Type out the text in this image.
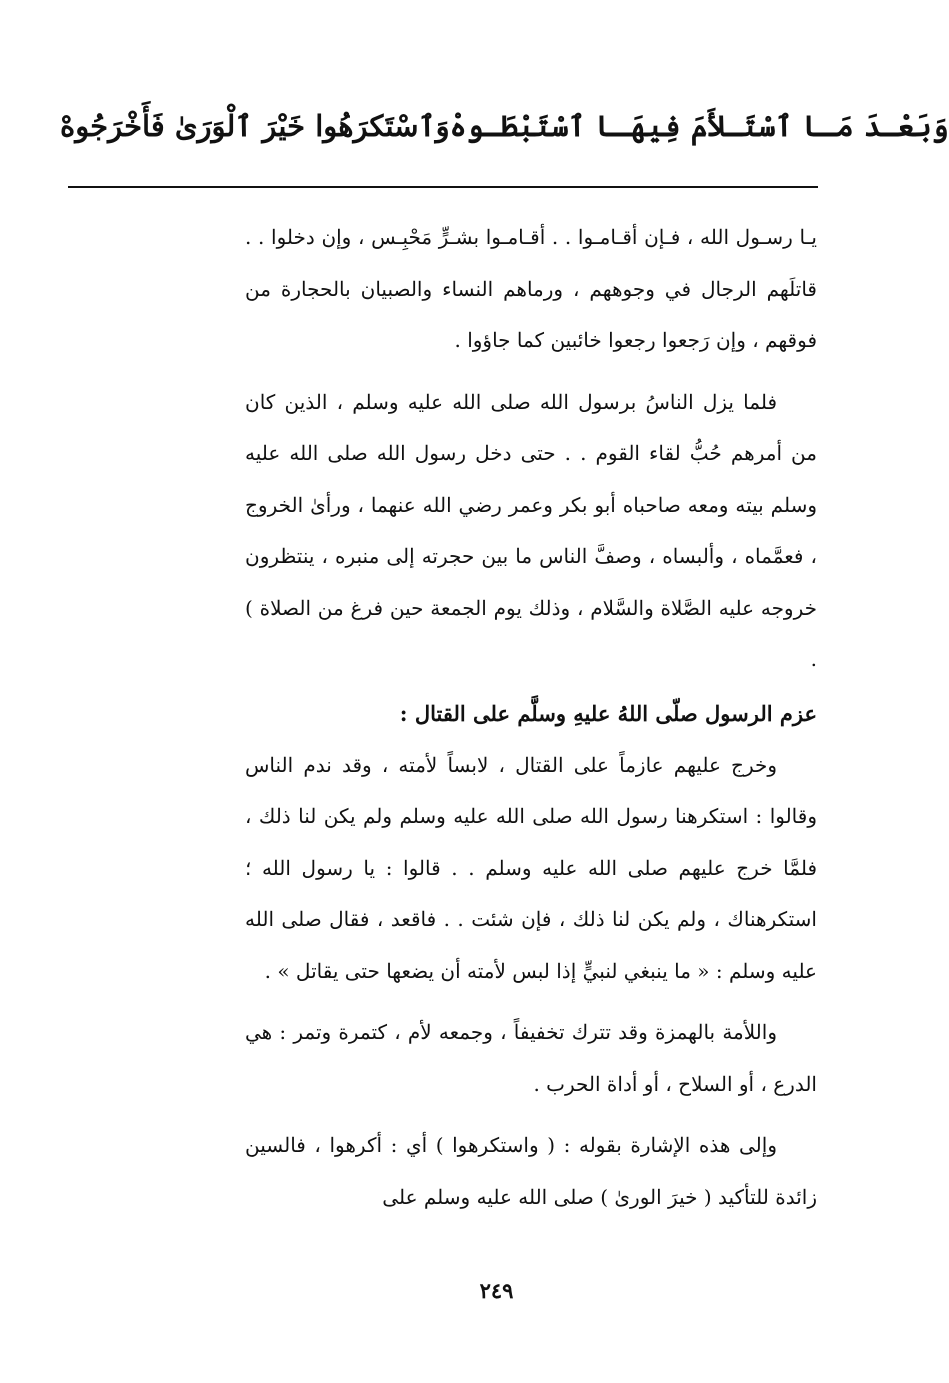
وَٱسْتَكرَهُوا خَيْرَ ٱلْوَرَىٰ فَأَخْرَجُوهْ وَبَعْـدَ مَـا ٱسْتَـلأَمَ فِيهَـا ٱسْتَبْطَـوهْ

يـا رسـول الله ، فـإن أقـامـوا . . أقـامـوا بشـرٍّ مَحْبِـس ، وإن دخلوا . . قاتلَهم الرجال في وجوههم ، ورماهم النساء والصبيان بالحجارة من فوقهم ، وإن رَجعوا رجعوا خائبين كما جاؤوا .

فلما يزل الناسُ برسول الله صلى الله عليه وسلم ، الذين كان من أمرهم حُبُّ لقاء القوم . . حتى دخل رسول الله صلى الله عليه وسلم بيته ومعه صاحباه أبو بكر وعمر رضي الله عنهما ، ورأىٰ الخروج ، فعمَّماه ، وألبساه ، وصفَّ الناس ما بين حجرته إلى منبره ، ينتظرون خروجه عليه الصَّلاة والسَّلام ، وذلك يوم الجمعة حين فرغ من الصلاة ) .

عزم الرسول صلّى اللهُ عليهِ وسلَّم على القتال :

وخرج عليهم عازماً على القتال ، لابساً لأمته ، وقد ندم الناس وقالوا : استكرهنا رسول الله صلى الله عليه وسلم ولم يكن لنا ذلك ، فلمَّا خرج عليهم صلى الله عليه وسلم . . قالوا : يا رسول الله ؛ استكرهناك ، ولم يكن لنا ذلك ، فإن شئت . . فاقعد ، فقال صلى الله عليه وسلم : « ما ينبغي لنبيٍّ إذا لبس لأمته أن يضعها حتى يقاتل » .

واللأمة بالهمزة وقد تترك تخفيفاً ، وجمعه لأم ، كتمرة وتمر : هي الدرع ، أو السلاح ، أو أداة الحرب .

وإلى هذه الإشارة بقوله : ( واستكرهوا ) أي : أكرهوا ، فالسين زائدة للتأكيد ( خيرَ الورىٰ ) صلى الله عليه وسلم على

٢٤٩
